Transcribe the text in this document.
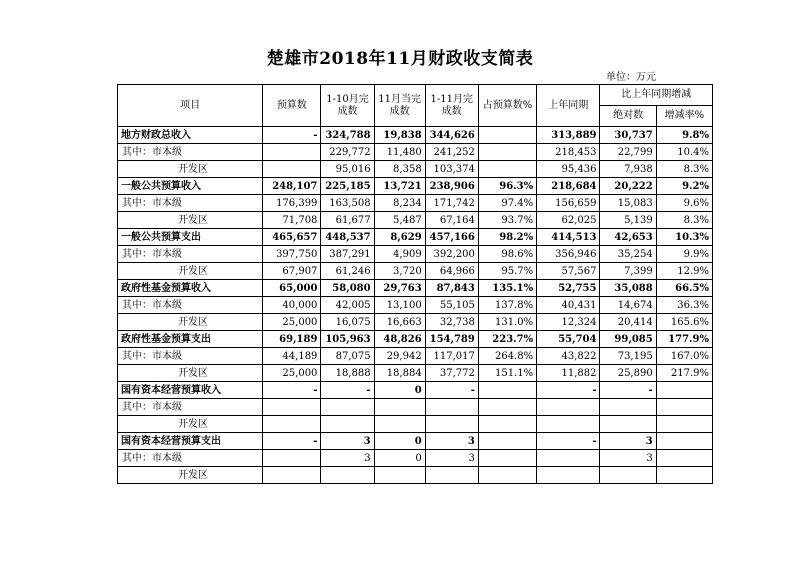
楚雄市2018年11月财政收支简表
单位：万元
项目	预算数	1-10月完成数	11月当完成数	1-11月完成数	占预算数%	上年同期	比上年同期增减	
							绝对数	增减率%
地方财政总收入	-	324,788	19,838	344,626		313,889	30,737	9.8%
其中：市本级		229,772	11,480	241,252		218,453	22,799	10.4%
开发区		95,016	8,358	103,374		95,436	7,938	8.3%
一般公共预算收入	248,107	225,185	13,721	238,906	96.3%	218,684	20,222	9.2%
其中：市本级	176,399	163,508	8,234	171,742	97.4%	156,659	15,083	9.6%
开发区	71,708	61,677	5,487	67,164	93.7%	62,025	5,139	8.3%
一般公共预算支出	465,657	448,537	8,629	457,166	98.2%	414,513	42,653	10.3%
其中：市本级	397,750	387,291	4,909	392,200	98.6%	356,946	35,254	9.9%
开发区	67,907	61,246	3,720	64,966	95.7%	57,567	7,399	12.9%
政府性基金预算收入	65,000	58,080	29,763	87,843	135.1%	52,755	35,088	66.5%
其中：市本级	40,000	42,005	13,100	55,105	137.8%	40,431	14,674	36.3%
开发区	25,000	16,075	16,663	32,738	131.0%	12,324	20,414	165.6%
政府性基金预算支出	69,189	105,963	48,826	154,789	223.7%	55,704	99,085	177.9%
其中：市本级	44,189	87,075	29,942	117,017	264.8%	43,822	73,195	167.0%
开发区	25,000	18,888	18,884	37,772	151.1%	11,882	25,890	217.9%
国有资本经营预算收入	-	-	0	-		-	-	
其中：市本级								
开发区								
国有资本经营预算支出	-	3	0	3		-	3	
其中：市本级		3	0	3			3	
开发区								
